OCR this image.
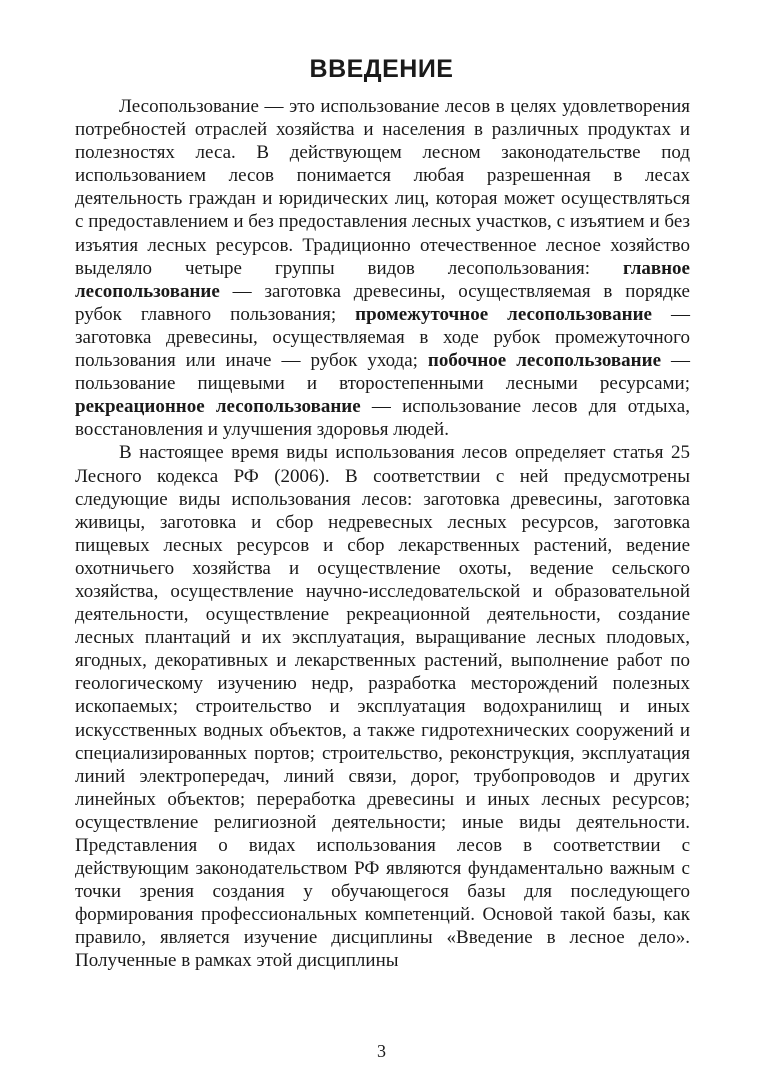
ВВЕДЕНИЕ

Лесопользование — это использование лесов в целях удовлетворения потребностей отраслей хозяйства и населения в различных продуктах и полезностях леса. В действующем лесном законодательстве под использованием лесов понимается любая разрешенная в лесах деятельность граждан и юридических лиц, которая может осуществляться с предоставлением и без предоставления лесных участков, с изъятием и без изъятия лесных ресурсов. Традиционно отечественное лесное хозяйство выделяло четыре группы видов лесопользования: главное лесопользование — заготовка древесины, осуществляемая в порядке рубок главного пользования; промежуточное лесопользование — заготовка древесины, осуществляемая в ходе рубок промежуточного пользования или иначе — рубок ухода; побочное лесопользование — пользование пищевыми и второстепенными лесными ресурсами; рекреационное лесопользование — использование лесов для отдыха, восстановления и улучшения здоровья людей.

В настоящее время виды использования лесов определяет статья 25 Лесного кодекса РФ (2006). В соответствии с ней предусмотрены следующие виды использования лесов: заготовка древесины, заготовка живицы, заготовка и сбор недревесных лесных ресурсов, заготовка пищевых лесных ресурсов и сбор лекарственных растений, ведение охотничьего хозяйства и осуществление охоты, ведение сельского хозяйства, осуществление научно-исследовательской и образовательной деятельности, осуществление рекреационной деятельности, создание лесных плантаций и их эксплуатация, выращивание лесных плодовых, ягодных, декоративных и лекарственных растений, выполнение работ по геологическому изучению недр, разработка месторождений полезных ископаемых; строительство и эксплуатация водохранилищ и иных искусственных водных объектов, а также гидротехнических сооружений и специализированных портов; строительство, реконструкция, эксплуатация линий электропередач, линий связи, дорог, трубопроводов и других линейных объектов; переработка древесины и иных лесных ресурсов; осуществление религиозной деятельности; иные виды деятельности. Представления о видах использования лесов в соответствии с действующим законодательством РФ являются фундаментально важным с точки зрения создания у обучающегося базы для последующего формирования профессиональных компетенций. Основой такой базы, как правило, является изучение дисциплины «Введение в лесное дело». Полученные в рамках этой дисциплины

3
